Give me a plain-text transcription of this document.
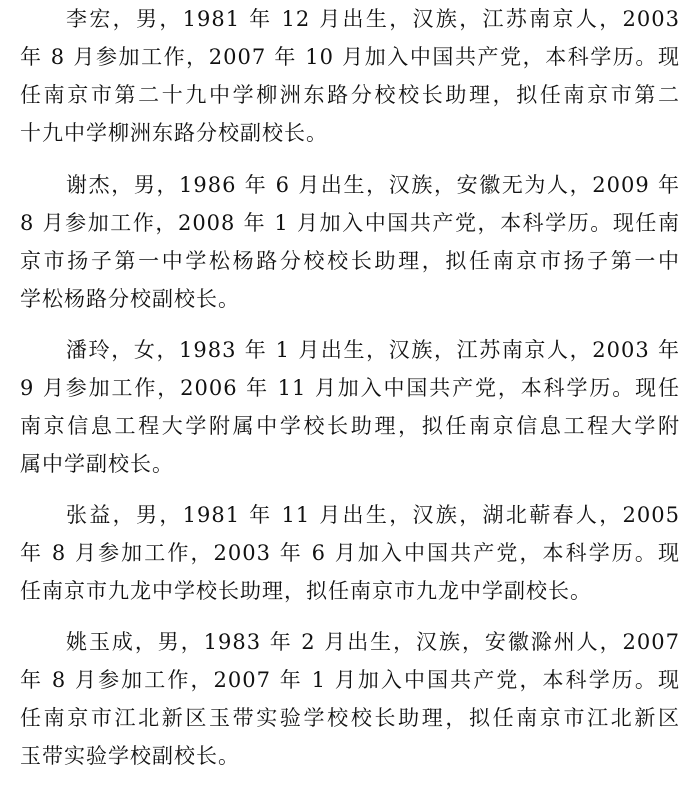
李宏，男，1981 年 12 月出生，汉族，江苏南京人，2003
年 8 月参加工作，2007 年 10 月加入中国共产党，本科学历。现
任南京市第二十九中学柳洲东路分校校长助理，拟任南京市第二
十九中学柳洲东路分校副校长。
谢杰，男，1986 年 6 月出生，汉族，安徽无为人，2009 年
8 月参加工作，2008 年 1 月加入中国共产党，本科学历。现任南
京市扬子第一中学松杨路分校校长助理，拟任南京市扬子第一中
学松杨路分校副校长。
潘玲，女，1983 年 1 月出生，汉族，江苏南京人，2003 年
9 月参加工作，2006 年 11 月加入中国共产党，本科学历。现任
南京信息工程大学附属中学校长助理，拟任南京信息工程大学附
属中学副校长。
张益，男，1981 年 11 月出生，汉族，湖北蕲春人，2005
年 8 月参加工作，2003 年 6 月加入中国共产党，本科学历。现
任南京市九龙中学校长助理，拟任南京市九龙中学副校长。
姚玉成，男，1983 年 2 月出生，汉族，安徽滁州人，2007
年 8 月参加工作，2007 年 1 月加入中国共产党，本科学历。现
任南京市江北新区玉带实验学校校长助理，拟任南京市江北新区
玉带实验学校副校长。
